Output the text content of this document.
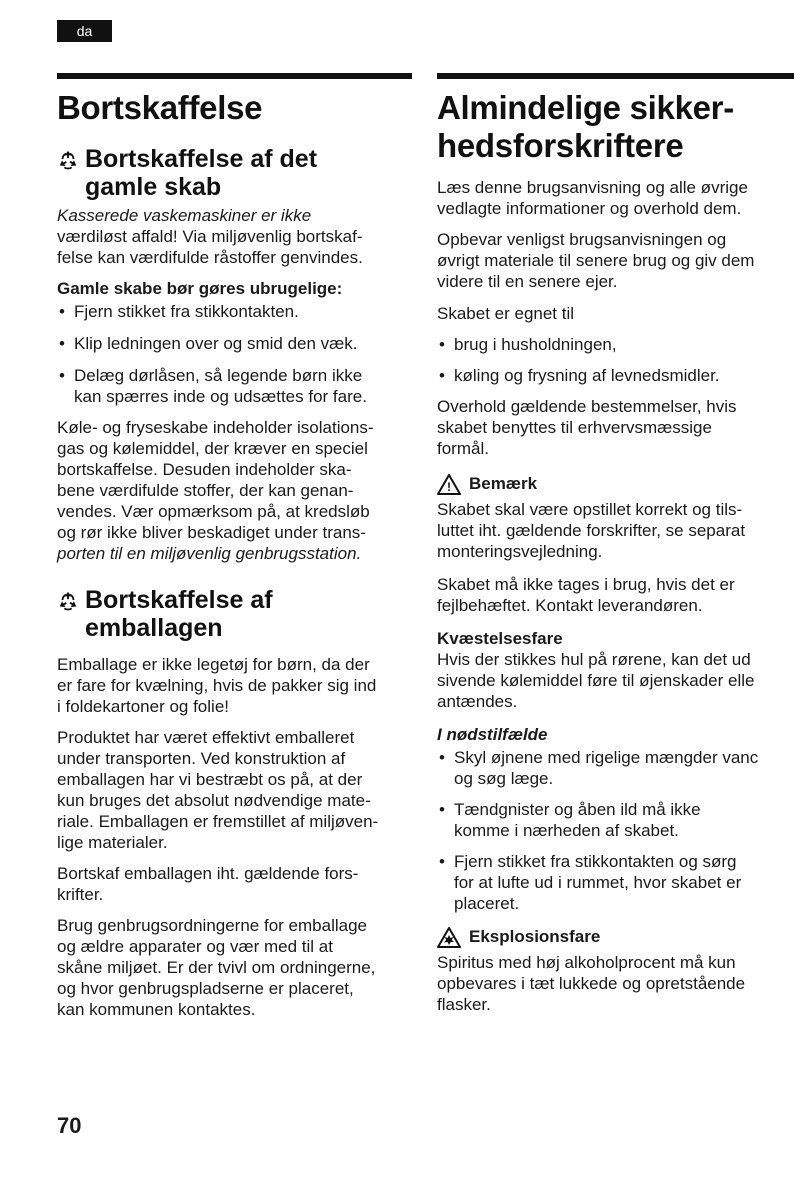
da
Bortskaffelse
Bortskaffelse af det gamle skab

Kasserede vaskemaskiner er ikke
værdiløst affald! Via miljøvenlig bortskaf-
felse kan værdifulde råstoffer genvindes.

Gamle skabe bør gøres ubrugelige:

• Fjern stikket fra stikkontakten.
• Klip ledningen over og smid den væk.
• Delæg dørlåsen, så legende børn ikke
kan spærres inde og udsættes for fare.

Køle- og fryseskabe indeholder isolations-
gas og kølemiddel, der kræver en speciel
bortskaffelse. Desuden indeholder ska-
bene værdifulde stoffer, der kan genan-
vendes. Vær opmærksom på, at kredsløb
og rør ikke bliver beskadiget under trans-
porten til en miljøvenlig genbrugsstation.

Bortskaffelse af emballagen

Emballage er ikke legetøj for børn, da der
er fare for kvælning, hvis de pakker sig ind
i foldekartoner og folie!

Produktet har været effektivt emballeret
under transporten. Ved konstruktion af
emballagen har vi bestræbt os på, at der
kun bruges det absolut nødvendige mate-
riale. Emballagen er fremstillet af miljøven-
lige materialer.

Bortskaf emballagen iht. gældende fors-
krifter.

Brug genbrugsordningerne for emballage
og ældre apparater og vær med til at
skåne miljøet. Er der tvivl om ordningerne,
og hvor genbrugspladserne er placeret,
kan kommunen kontaktes.

Almindelige sikker-
hedsforskriftere

Læs denne brugsanvisning og alle øvrige
vedlagte informationer og overhold dem.

Opbevar venligst brugsanvisningen og
øvrigt materiale til senere brug og giv dem
videre til en senere ejer.

Skabet er egnet til

• brug i husholdningen,
• køling og frysning af levnedsmidler.

Overhold gældende bestemmelser, hvis
skabet benyttes til erhvervsmæssige
formål.

! Bemærk

Skabet skal være opstillet korrekt og tils-
luttet iht. gældende forskrifter, se separat
monteringsvejledning.

Skabet må ikke tages i brug, hvis det er
fejlbehæftet. Kontakt leverandøren.

Kvæstelsesfare

Hvis der stikkes hul på rørene, kan det ud
sivende kølemiddel føre til øjenskader elle
antændes.

I nødstilfælde

• Skyl øjnene med rigelige mængder vanc
og søg læge.
• Tændgnister og åben ild må ikke
komme i nærheden af skabet.
• Fjern stikket fra stikkontakten og sørg
for at lufte ud i rummet, hvor skabet er
placeret.
Eksplosionsfare

Spiritus med høj alkoholprocent må kun
opbevares i tæt lukkede og opretstående
flasker.

70
